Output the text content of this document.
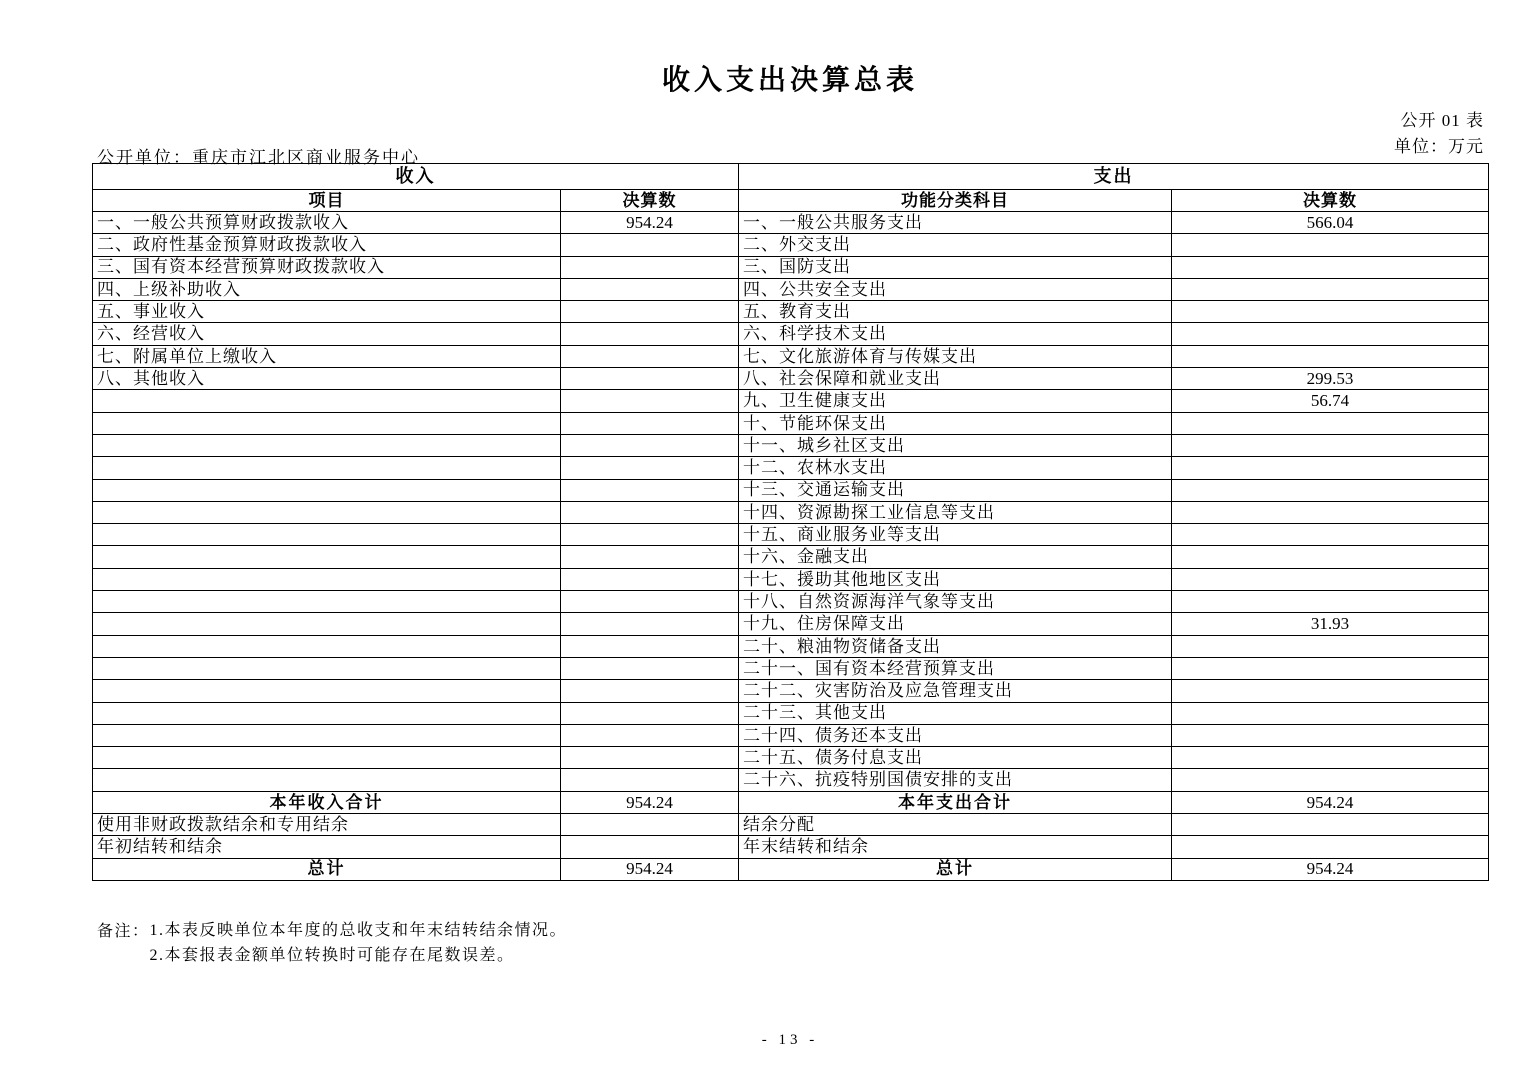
收入支出决算总表
公开 01 表
单位：万元
公开单位：重庆市江北区商业服务中心
收入		支出	
项目	决算数	功能分类科目	决算数
一、一般公共预算财政拨款收入	954.24	一、一般公共服务支出	566.04
二、政府性基金预算财政拨款收入		二、外交支出	
三、国有资本经营预算财政拨款收入		三、国防支出	
四、上级补助收入		四、公共安全支出	
五、事业收入		五、教育支出	
六、经营收入		六、科学技术支出	
七、附属单位上缴收入		七、文化旅游体育与传媒支出	
八、其他收入		八、社会保障和就业支出	299.53
		九、卫生健康支出	56.74
		十、节能环保支出	
		十一、城乡社区支出	
		十二、农林水支出	
		十三、交通运输支出	
		十四、资源勘探工业信息等支出	
		十五、商业服务业等支出	
		十六、金融支出	
		十七、援助其他地区支出	
		十八、自然资源海洋气象等支出	
		十九、住房保障支出	31.93
		二十、粮油物资储备支出	
		二十一、国有资本经营预算支出	
		二十二、灾害防治及应急管理支出	
		二十三、其他支出	
		二十四、债务还本支出	
		二十五、债务付息支出	
		二十六、抗疫特别国债安排的支出	
本年收入合计	954.24	本年支出合计	954.24
使用非财政拨款结余和专用结余		结余分配	
年初结转和结余		年末结转和结余	
总计	954.24	总计	954.24
备注： 1.本表反映单位本年度的总收支和年末结转结余情况。
2.本套报表金额单位转换时可能存在尾数误差。
- 13 -
